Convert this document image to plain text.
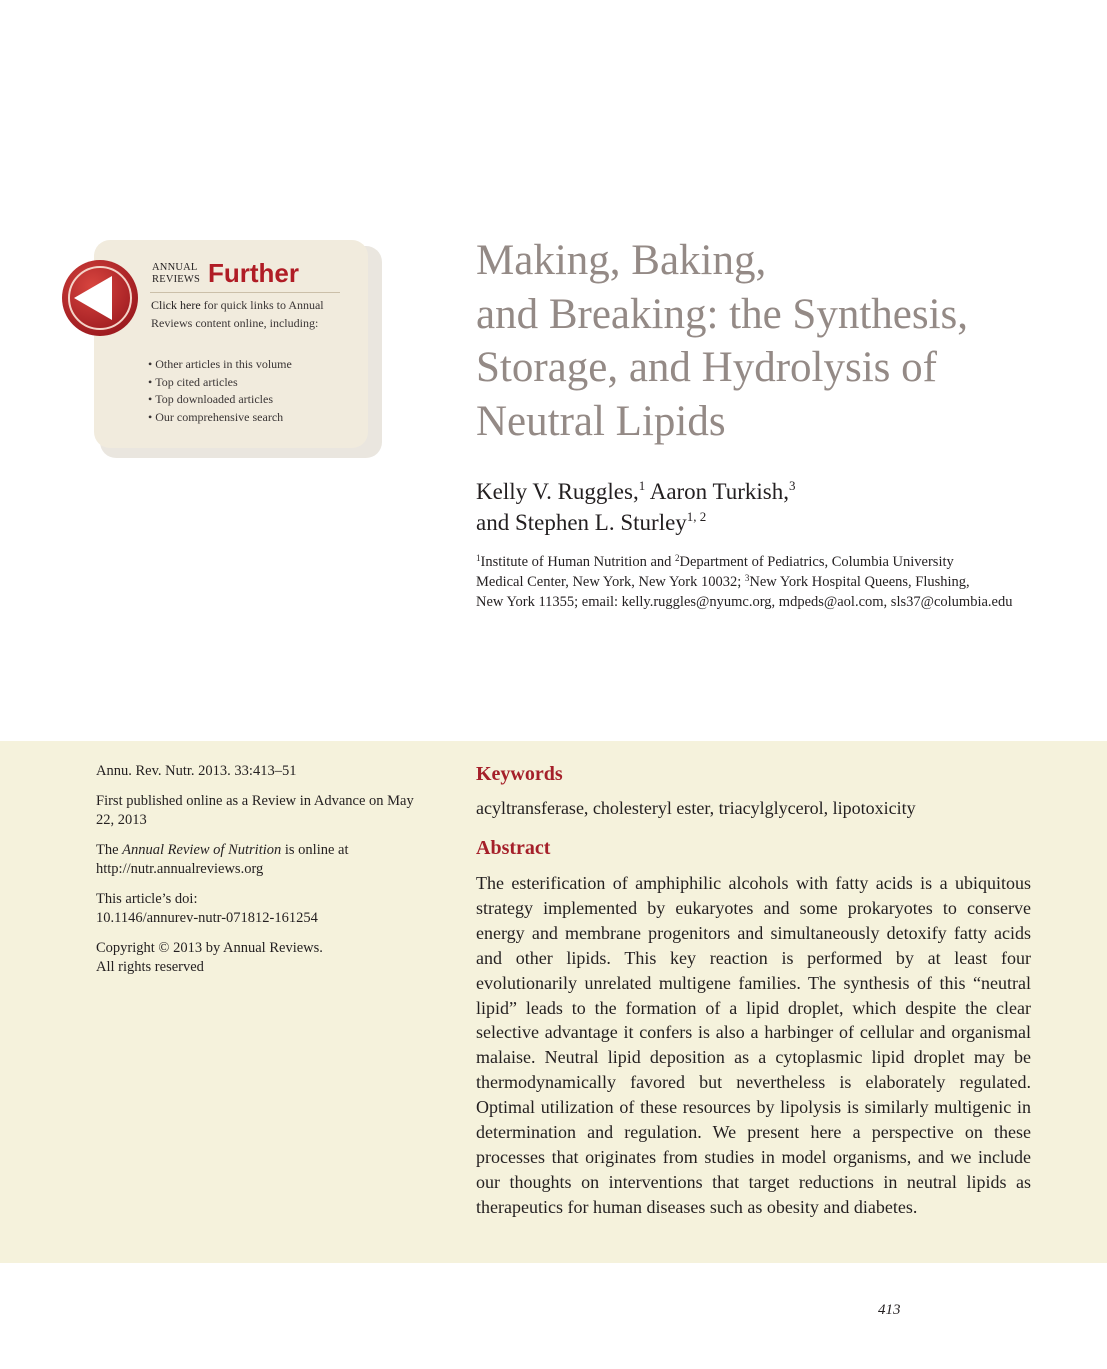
ANNUAL
REVIEWS Further
Click here for quick links to Annual Reviews content online, including:
• Other articles in this volume
• Top cited articles
• Top downloaded articles
• Our comprehensive search
Making, Baking,
and Breaking: the Synthesis,
Storage, and Hydrolysis of
Neutral Lipids
Kelly V. Ruggles,$^1$ Aaron Turkish,$^3$
and Stephen L. Sturley$^{1, 2}$
$^1$Institute of Human Nutrition and $^2$Department of Pediatrics, Columbia University
Medical Center, New York, New York 10032; $^3$New York Hospital Queens, Flushing,
New York 11355; email: kelly.ruggles@nyumc.org, mdpeds@aol.com, sls37@columbia.edu

Annu. Rev. Nutr. 2013. 33:413–51

First published online as a Review in Advance on May 22, 2013

The Annual Review of Nutrition is online at http://nutr.annualreviews.org

This article’s doi:
10.1146/annurev-nutr-071812-161254

Copyright © 2013 by Annual Reviews.
All rights reserved

Keywords
acyltransferase, cholesteryl ester, triacylglycerol, lipotoxicity
Abstract

The esterification of amphiphilic alcohols with fatty acids is a ubiquitous strategy implemented by eukaryotes and some prokaryotes to conserve energy and membrane progenitors and simultaneously detoxify fatty acids and other lipids. This key reaction is performed by at least four evolutionarily unrelated multigene families. The synthesis of this “neutral lipid” leads to the formation of a lipid droplet, which despite the clear selective advantage it confers is also a harbinger of cellular and organismal malaise. Neutral lipid deposition as a cytoplasmic lipid droplet may be thermodynamically favored but nevertheless is elaborately regulated. Optimal utilization of these resources by lipolysis is similarly multigenic in determination and regulation. We present here a perspective on these processes that originates from studies in model organisms, and we include our thoughts on interventions that target reductions in neutral lipids as therapeutics for human diseases such as obesity and diabetes.

413
